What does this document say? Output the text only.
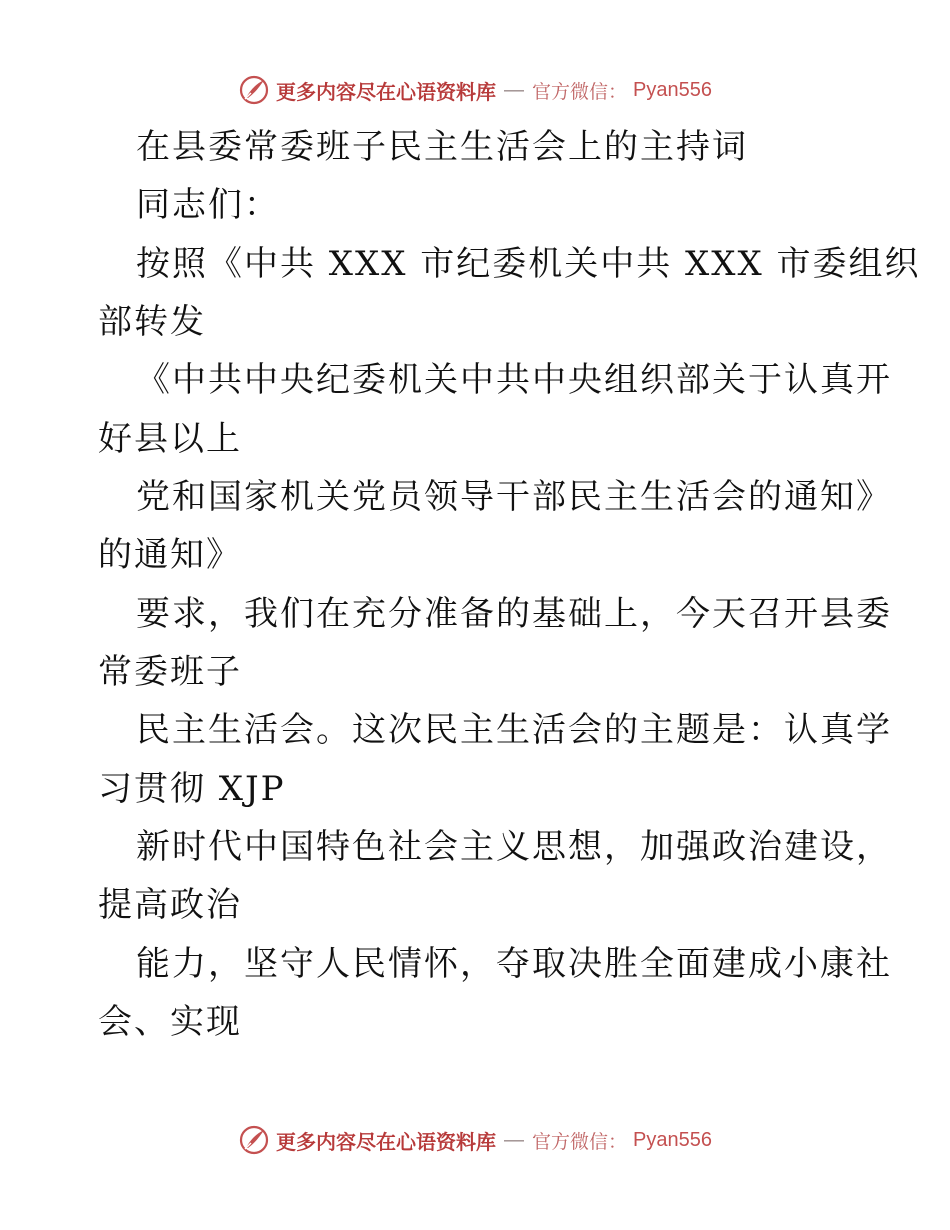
更多内容尽在心语资料库 — 官方微信： Pyan556
在县委常委班子民主生活会上的主持词
同志们：
按照《中共 XXX 市纪委机关中共 XXX 市委组织
部转发
《中共中央纪委机关中共中央组织部关于认真开
好县以上
党和国家机关党员领导干部民主生活会的通知》
的通知》
要求，我们在充分准备的基础上，今天召开县委
常委班子
民主生活会。这次民主生活会的主题是：认真学
习贯彻 XJP
新时代中国特色社会主义思想，加强政治建设，
提高政治
能力，坚守人民情怀，夺取决胜全面建成小康社
会、实现
更多内容尽在心语资料库 — 官方微信： Pyan556
